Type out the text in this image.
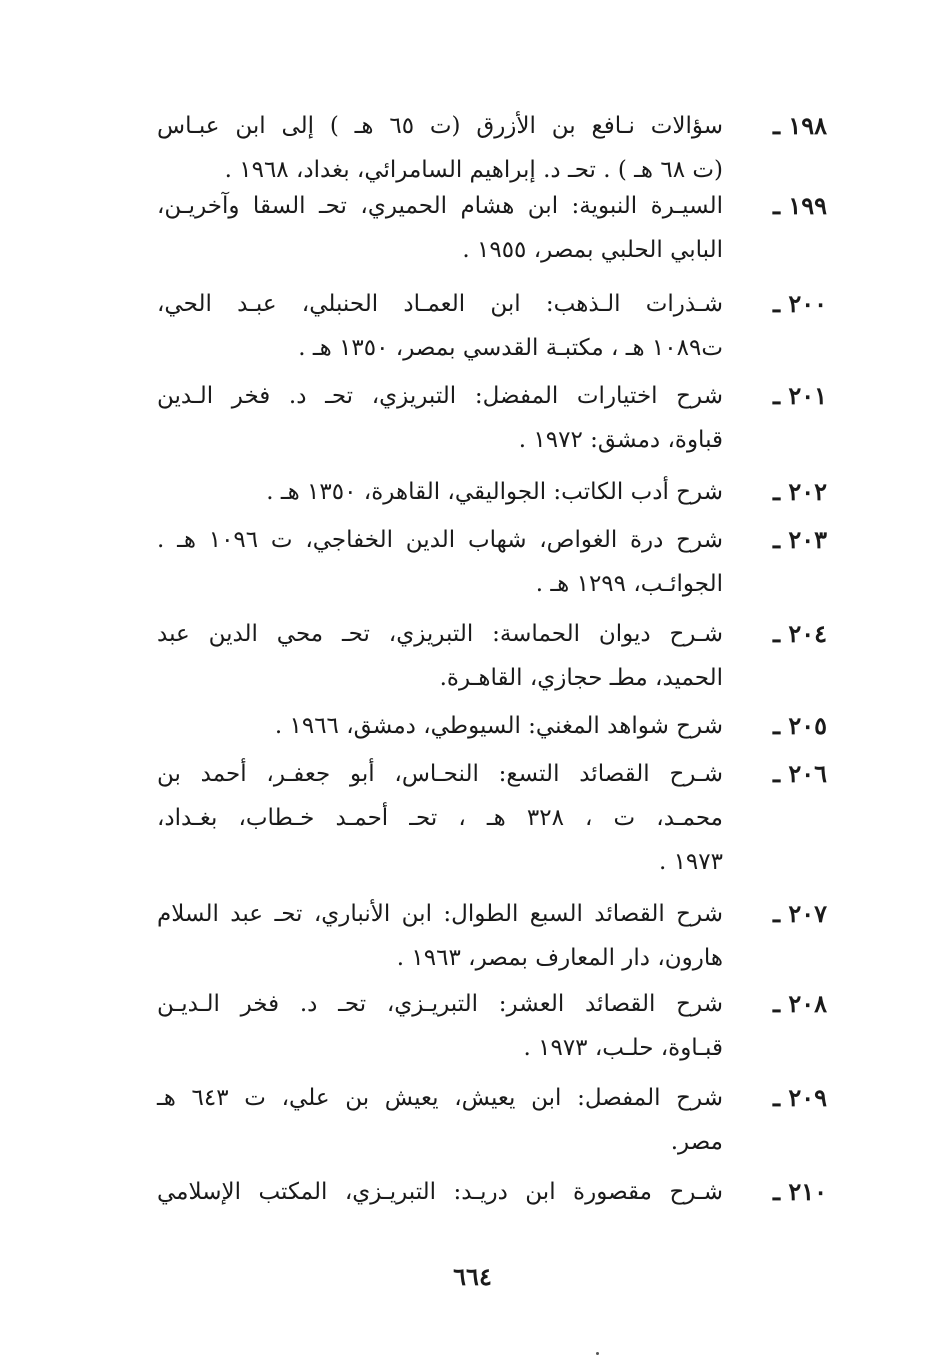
١٩٨ ـ
سؤالات نـافع بن الأزرق (ت ٦٥ هـ ) إلى ابن عبـاس
(ت ٦٨ هـ ) . تحـ د. إبراهيم السامرائي، بغداد، ١٩٦٨ .
١٩٩ ـ
السيـرة النبوية: ابن هشام الحميري، تحـ السقا وآخريـن،
البابي الحلبي بمصر، ١٩٥٥ .
٢٠٠ ـ
شـذرات الـذهب: ابن العمـاد الحنبلي، عبـد الحي،
ت١٠٨٩ هـ ، مكتبـة القدسي بمصر، ١٣٥٠ هـ .
٢٠١ ـ
شرح اختيارات المفضل: التبريزي، تحـ د. فخر الـدين
قباوة، دمشق: ١٩٧٢ .
٢٠٢ ـ
شرح أدب الكاتب: الجواليقي، القاهرة، ١٣٥٠ هـ .
٢٠٣ ـ
شرح درة الغواص، شهاب الدين الخفاجي، ت ١٠٩٦ هـ .
الجوائـب، ١٢٩٩ هـ .
٢٠٤ ـ
شـرح ديوان الحماسة: التبريزي، تحـ محي الدين عبد
الحميد، مطـ حجازي، القاهـرة.
٢٠٥ ـ
شرح شواهد المغني: السيوطي، دمشق، ١٩٦٦ .
٢٠٦ ـ
شـرح القصائد التسع: النحـاس، أبو جعفـر، أحمد بن
محمـد، ت ، ٣٢٨ هـ ، تحـ أحمـد خـطاب، بغـداد،
١٩٧٣ .
٢٠٧ ـ
شرح القصائد السبع الطوال: ابن الأنباري، تحـ عبد السلام
هارون، دار المعارف بمصر، ١٩٦٣ .
٢٠٨ ـ
شرح القصائد العشر: التبريـزي، تحـ د. فخر الـديـن
قبـاوة، حلـب، ١٩٧٣ .
٢٠٩ ـ
شرح المفصل: ابن يعيش، يعيش بن علي، ت ٦٤٣ هـ
مصر.
٢١٠ ـ
شـرح مقصورة ابن دريـد: التبريـزي، المكتب الإسلامي
٦٦٤
